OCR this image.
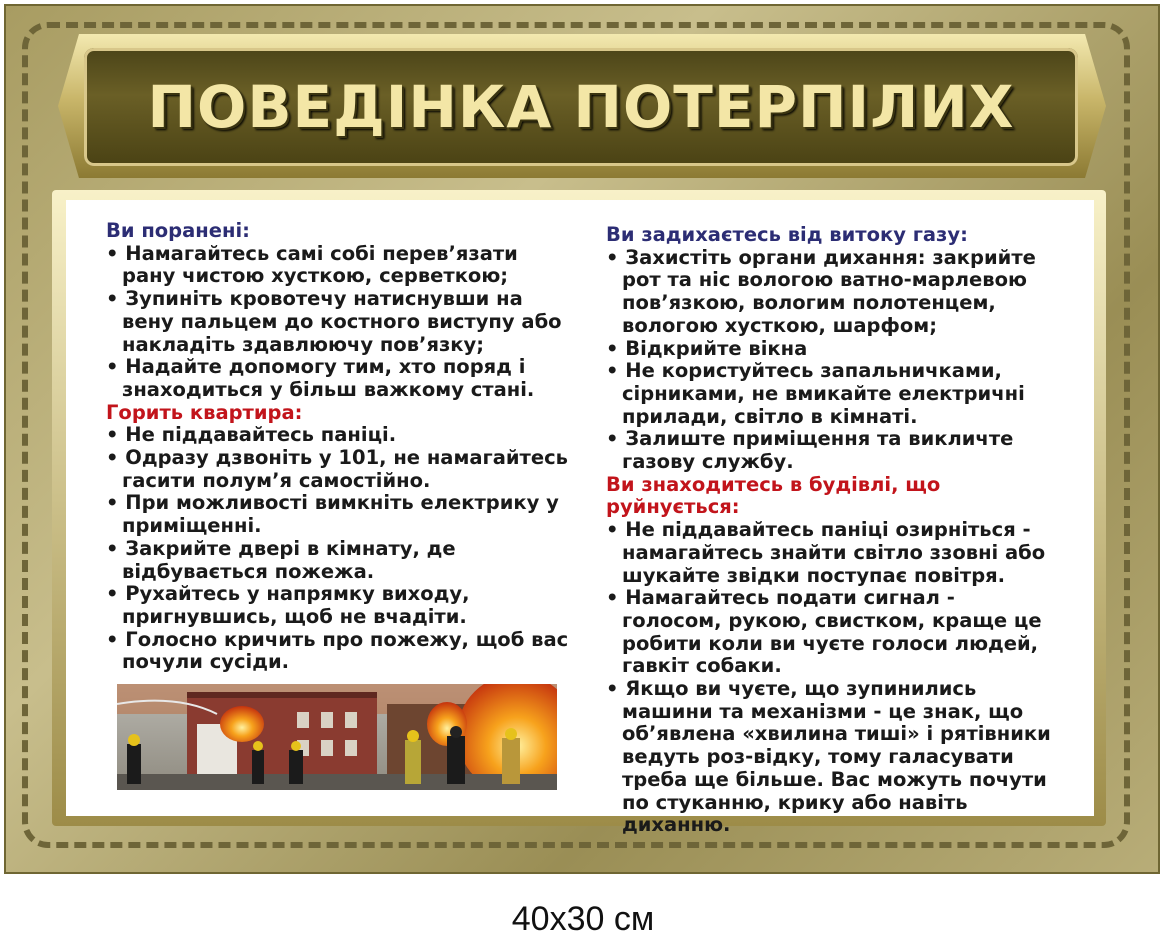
ПОВЕДІНКА ПОТЕРПІЛИХ
Ви поранені:
• Намагайтесь самі собі перев’язати рану чистою хусткою, серветкою;
• Зупиніть кровотечу натиснувши на вену пальцем до костного виступу або накладіть здавлюючу пов’язку;
• Надайте допомогу тим, хто поряд і знаходиться у більш важкому стані.
Горить квартира:
• Не піддавайтесь паніці.
• Одразу дзвоніть у 101, не намагайтесь гасити полум’я самостійно.
• При можливості вимкніть електрику у приміщенні.
• Закрийте двері в кімнату, де відбувається пожежа.
• Рухайтесь у напрямку виходу, пригнувшись, щоб не вчадіти.
• Голосно кричить про пожежу, щоб вас почули сусіди.
Ви задихаєтесь від витоку газу:
• Захистіть органи дихання: закрийте рот та ніс вологою ватно-марлевою пов’язкою, вологим полотенцем, вологою хусткою, шарфом;
• Відкрийте вікна
• Не користуйтесь запальничками, сірниками, не вмикайте електричні прилади, світло в кімнаті.
• Залиште приміщення та викличте газову службу.
Ви знаходитесь в будівлі, що руйнується:
• Не піддавайтесь паніці озирніться - намагайтесь знайти світло ззовні або шукайте звідки поступає повітря.
• Намагайтесь подати сигнал - голосом, рукою, свистком, краще це робити коли ви чуєте голоси людей, гавкіт собаки.
• Якщо ви чуєте, що зупинились машини та механізми - це знак, що об’явлена «хвилина тиші» і рятівники ведуть роз-відку, тому галасувати треба ще більше. Вас можуть почути по стуканню, крику або навіть диханню.
40x30 см
